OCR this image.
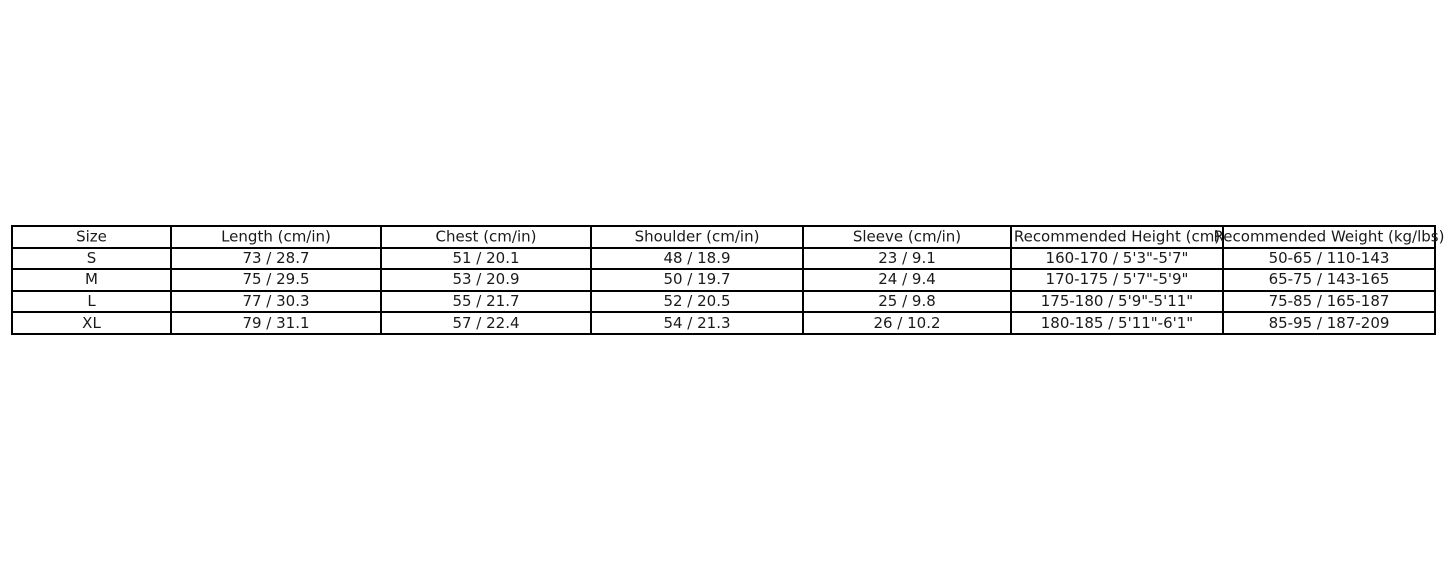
Size	Length (cm/in)	Chest (cm/in)	Shoulder (cm/in)	Sleeve (cm/in)	Recommended Height (cm)	Recommended Weight (kg/lbs)

S	73 / 28.7	51 / 20.1	48 / 18.9	23 / 9.1	160-170 / 5'3"-5'7"	50-65 / 110-143
M	75 / 29.5	53 / 20.9	50 / 19.7	24 / 9.4	170-175 / 5'7"-5'9"	65-75 / 143-165
L	77 / 30.3	55 / 21.7	52 / 20.5	25 / 9.8	175-180 / 5'9"-5'11"	75-85 / 165-187
XL	79 / 31.1	57 / 22.4	54 / 21.3	26 / 10.2	180-185 / 5'11"-6'1"	85-95 / 187-209
